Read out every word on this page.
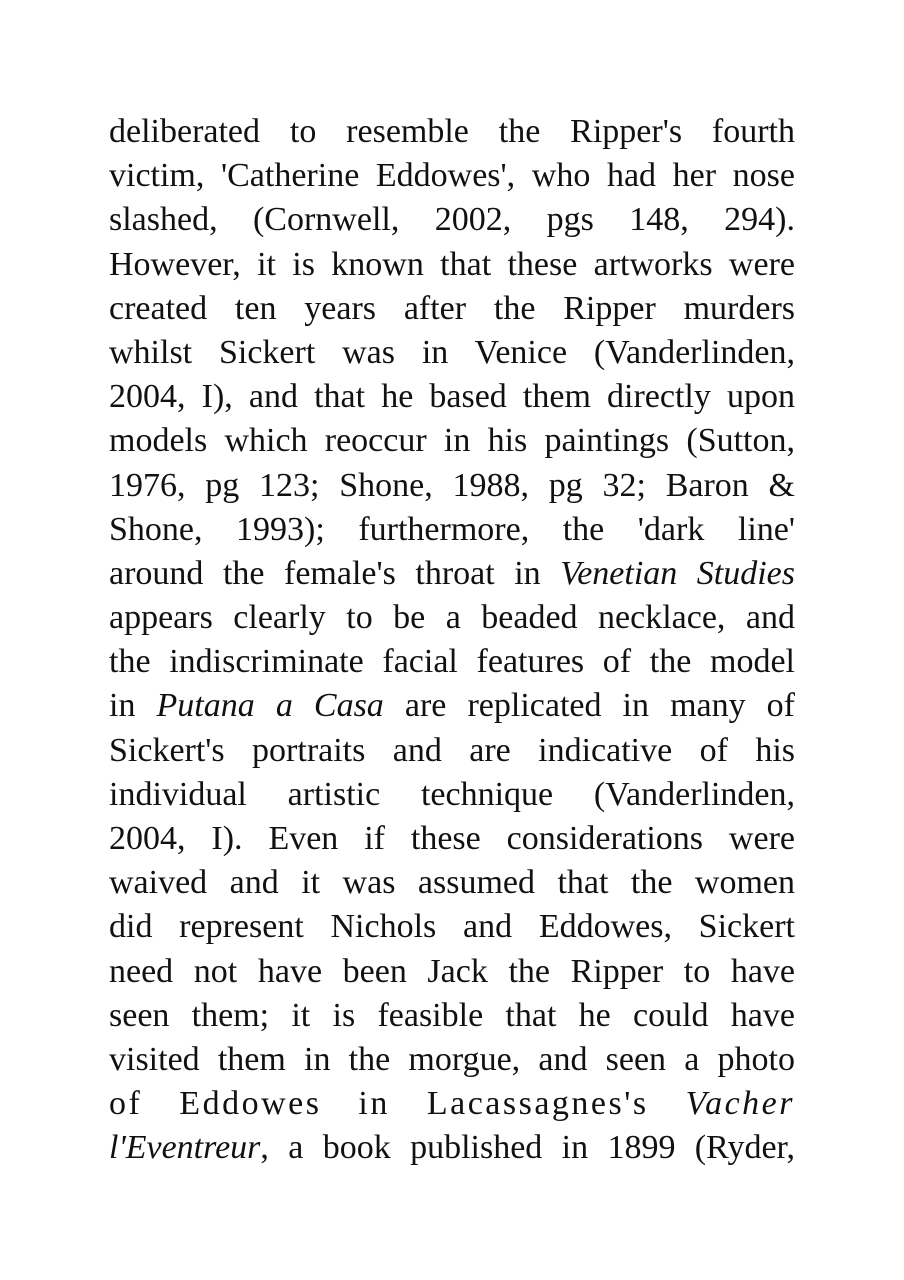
deliberated to resemble the Ripper's fourth
victim, 'Catherine Eddowes', who had her nose
slashed, (Cornwell, 2002, pgs 148, 294).
However, it is known that these artworks were
created ten years after the Ripper murders
whilst Sickert was in Venice (Vanderlinden,
2004, I), and that he based them directly upon
models which reoccur in his paintings (Sutton,
1976, pg 123; Shone, 1988, pg 32; Baron &
Shone, 1993); furthermore, the 'dark line'
around the female's throat in Venetian Studies
appears clearly to be a beaded necklace, and
the indiscriminate facial features of the model
in Putana a Casa are replicated in many of
Sickert's portraits and are indicative of his
individual artistic technique (Vanderlinden,
2004, I). Even if these considerations were
waived and it was assumed that the women
did represent Nichols and Eddowes, Sickert
need not have been Jack the Ripper to have
seen them; it is feasible that he could have
visited them in the morgue, and seen a photo
of Eddowes in Lacassagnes's Vacher
l'Eventreur, a book published in 1899 (Ryder,
